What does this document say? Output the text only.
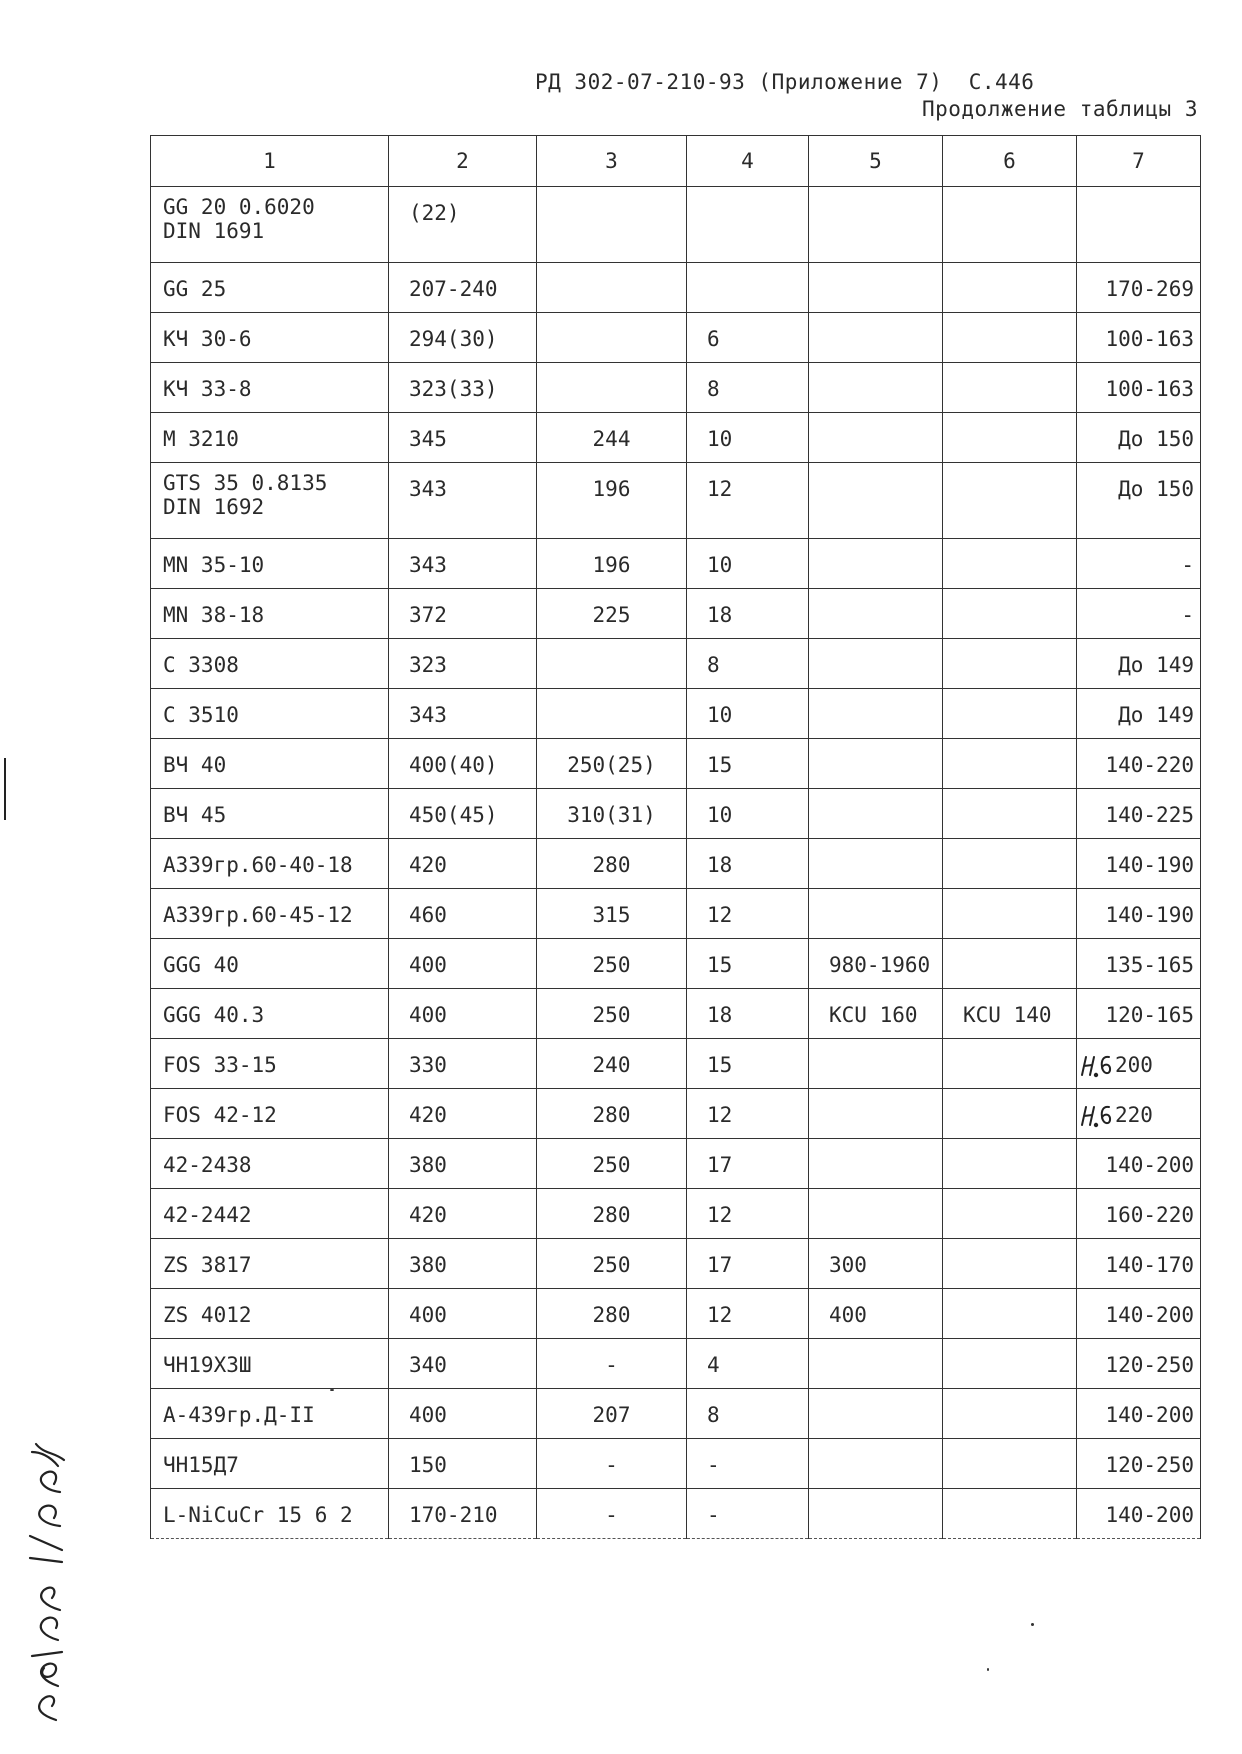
РД 302-07-210-93 (Приложение 7)  С.446
Продолжение таблицы 3
1	2	3	4	5	6	7

GG 20 0.6020
DIN 1691	(22)					
GG 25	207-240					170-269
КЧ 30-6	294(30)		6			100-163
КЧ 33-8	323(33)		8			100-163
M 3210	345	244	10			До 150

GTS 35 0.8135
DIN 1692	343	196	12			До 150
MN 35-10	343	196	10			-
MN 38-18	372	225	18			-
C 3308	323		8			До 149
C 3510	343		10			До 149
ВЧ 40	400(40)	250(25)	15			140-220
ВЧ 45	450(45)	310(31)	10			140-225
А339гр.60-40-18	420	280	18			140-190
А339гр.60-45-12	460	315	12			140-190
GGG 40	400	250	15	980-1960		135-165
GGG 40.3	400	250	18	KCU 160	KCU 140	120-165
FOS 33-15	330	240	15			200
FOS 42-12	420	280	12			220
42-2438	380	250	17			140-200
42-2442	420	280	12			160-220
ZS 3817	380	250	17	300		140-170
ZS 4012	400	280	12	400		140-200
ЧН19Х3Ш	340	-	4			120-250
А-439гр.Д-II	400	207	8			140-200
ЧН15Д7	150	-	-			120-250
L-NiCuCr 15 6 2	170-210	-	-			140-200
